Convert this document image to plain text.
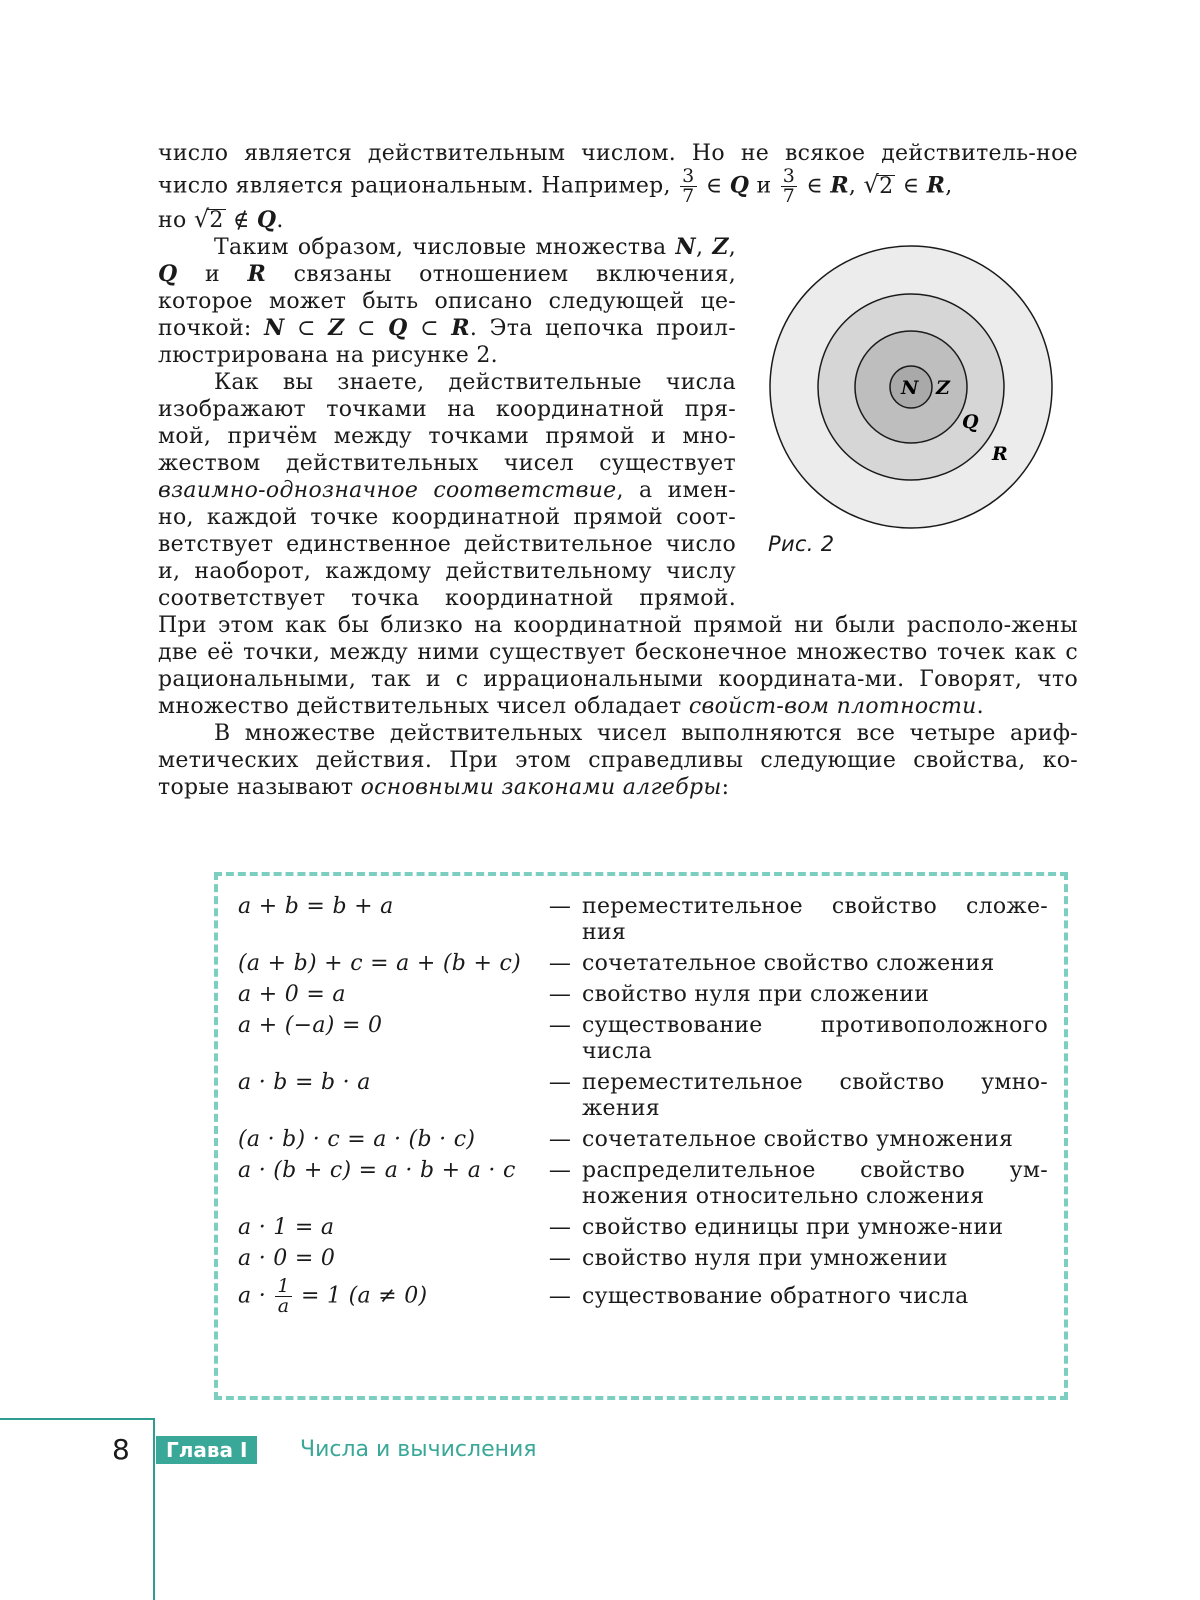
число является действительным числом. Но не всякое действитель-ное число является рациональным. Например, $\frac{3}{7}$ ∈ Q и $\frac{3}{7}$ ∈ R, √2 ∈ R,
но √2 ∉ Q.

N Z
Q
R
Рис. 2

Таким образом, числовые множества N, Z, Q и R связаны отношением включения, которое может быть описано следующей це-почкой: N ⊂ Z ⊂ Q ⊂ R. Эта цепочка проил-люстрирована на рисунке 2.

Как вы знаете, действительные числа изображают точками на координатной пря-мой, причём между точками прямой и мно-жеством действительных чисел существует взаимно-однозначное соответствие, а имен-но, каждой точке координатной прямой соот-ветствует единственное действительное число и, наоборот, каждому действительному числу соответствует точка координатной прямой. При этом как бы близко на координатной прямой ни были располо-жены две её точки, между ними существует бесконечное множество точек как с рациональными, так и с иррациональными координата-ми. Говорят, что множество действительных чисел обладает свойст-вом плотности.

В множестве действительных чисел выполняются все четыре ариф-метических действия. При этом справедливы следующие свойства, ко-торые называют основными законами алгебры:

a + b = b + a	— переместительное свойство сложе-ния
(a + b) + c = a + (b + c)	— сочетательное свойство сложения
a + 0 = a	— свойство нуля при сложении
a + (−a) = 0	— существование противоположного числа
a · b = b · a	— переместительное свойство умно-жения
(a · b) · c = a · (b · c)	— сочетательное свойство умножения
a · (b + c) = a · b + a · c	— распределительное свойство ум-ножения относительно сложения
a · 1 = a	— свойство единицы при умноже-нии
a · 0 = 0	— свойство нуля при умножении
$a \cdot \frac{1}{a} = 1$ (a ≠ 0)	— существование обратного числа
8	Глава I	Числа и вычисления
